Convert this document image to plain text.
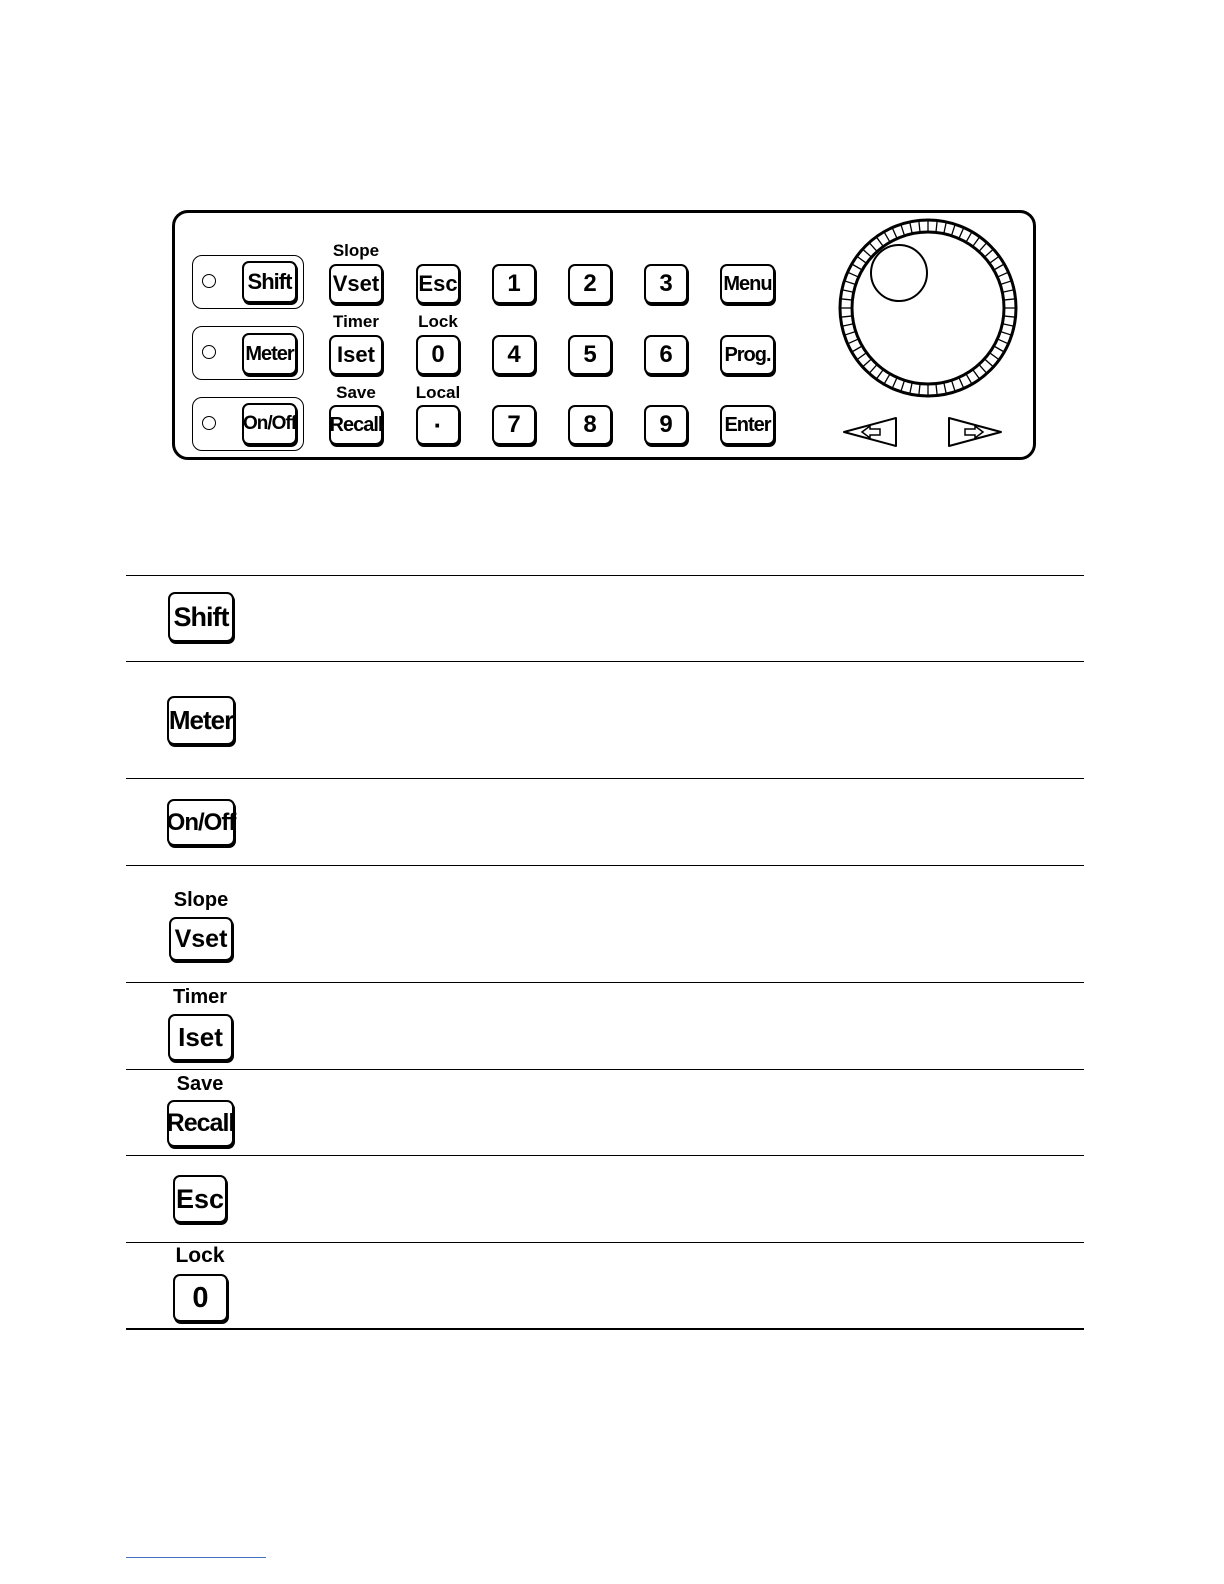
Shift
Meter
On/Off
Slope
Vset
Timer
Iset
Save
Recall
Esc
Lock
0
Local
·
1	2	3
4	5	6
7	8	9
Menu
Prog.
Enter
Shift
Meter
On/Off
Slope
Vset
Timer
Iset
Save
Recall
Esc
Lock
0
